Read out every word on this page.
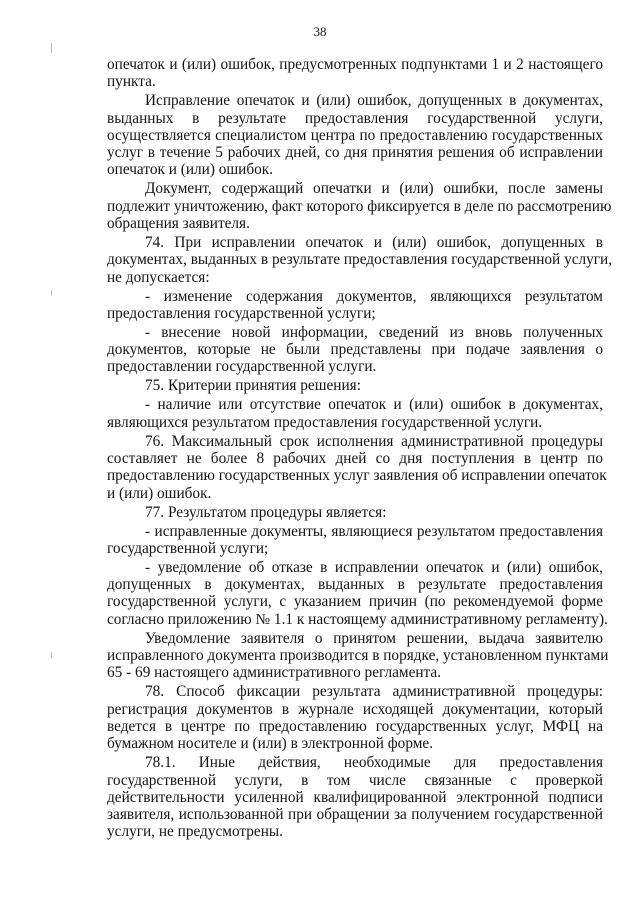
38
опечаток и (или) ошибок, предусмотренных подпунктами 1 и 2 настоящего
пункта.
Исправление опечаток и (или) ошибок, допущенных в документах,
выданных в результате предоставления государственной услуги,
осуществляется специалистом центра по предоставлению государственных
услуг в течение 5 рабочих дней, со дня принятия решения об исправлении
опечаток и (или) ошибок.
Документ, содержащий опечатки и (или) ошибки, после замены
подлежит уничтожению, факт которого фиксируется в деле по рассмотрению
обращения заявителя.
74. При исправлении опечаток и (или) ошибок, допущенных в
документах, выданных в результате предоставления государственной услуги,
не допускается:
- изменение содержания документов, являющихся результатом
предоставления государственной услуги;
- внесение новой информации, сведений из вновь полученных
документов, которые не были представлены при подаче заявления о
предоставлении государственной услуги.
75. Критерии принятия решения:
- наличие или отсутствие опечаток и (или) ошибок в документах,
являющихся результатом предоставления государственной услуги.
76. Максимальный срок исполнения административной процедуры
составляет не более 8 рабочих дней со дня поступления в центр по
предоставлению государственных услуг заявления об исправлении опечаток
и (или) ошибок.
77. Результатом процедуры является:
- исправленные документы, являющиеся результатом предоставления
государственной услуги;
- уведомление об отказе в исправлении опечаток и (или) ошибок,
допущенных в документах, выданных в результате предоставления
государственной услуги, с указанием причин (по рекомендуемой форме
согласно приложению № 1.1 к настоящему административному регламенту).
Уведомление заявителя о принятом решении, выдача заявителю
исправленного документа производится в порядке, установленном пунктами
65 - 69 настоящего административного регламента.
78. Способ фиксации результата административной процедуры:
регистрация документов в журнале исходящей документации, который
ведется в центре по предоставлению государственных услуг, МФЦ на
бумажном носителе и (или) в электронной форме.
78.1. Иные действия, необходимые для предоставления
государственной услуги, в том числе связанные с проверкой
действительности усиленной квалифицированной электронной подписи
заявителя, использованной при обращении за получением государственной
услуги, не предусмотрены.
